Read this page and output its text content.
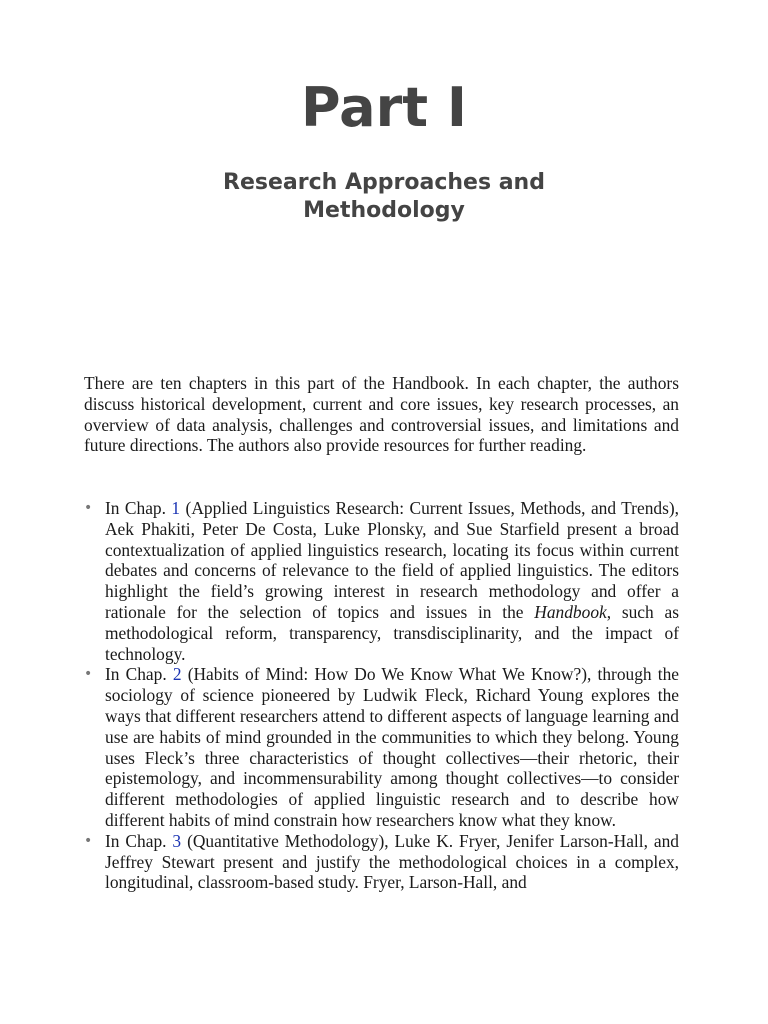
Part I
Research Approaches and Methodology

There are ten chapters in this part of the Handbook. In each chapter, the authors discuss historical development, current and core issues, key research processes, an overview of data analysis, challenges and controversial issues, and limitations and future directions. The authors also provide resources for further reading.

• In Chap. 1 (Applied Linguistics Research: Current Issues, Methods, and Trends), Aek Phakiti, Peter De Costa, Luke Plonsky, and Sue Starfield present a broad contextualization of applied linguistics research, locating its focus within current debates and concerns of relevance to the field of applied linguistics. The editors highlight the field’s growing interest in research methodology and offer a rationale for the selection of topics and issues in the Handbook, such as methodological reform, transparency, transdisciplinarity, and the impact of technology.
• In Chap. 2 (Habits of Mind: How Do We Know What We Know?), through the sociology of science pioneered by Ludwik Fleck, Richard Young explores the ways that different researchers attend to different aspects of language learning and use are habits of mind grounded in the communities to which they belong. Young uses Fleck’s three characteristics of thought collectives—their rhetoric, their epistemology, and incommensurability among thought collectives—to consider different methodologies of applied linguistic research and to describe how different habits of mind constrain how researchers know what they know.
• In Chap. 3 (Quantitative Methodology), Luke K. Fryer, Jenifer Larson-Hall, and Jeffrey Stewart present and justify the methodological choices in a complex, longitudinal, classroom-based study. Fryer, Larson-Hall, and
